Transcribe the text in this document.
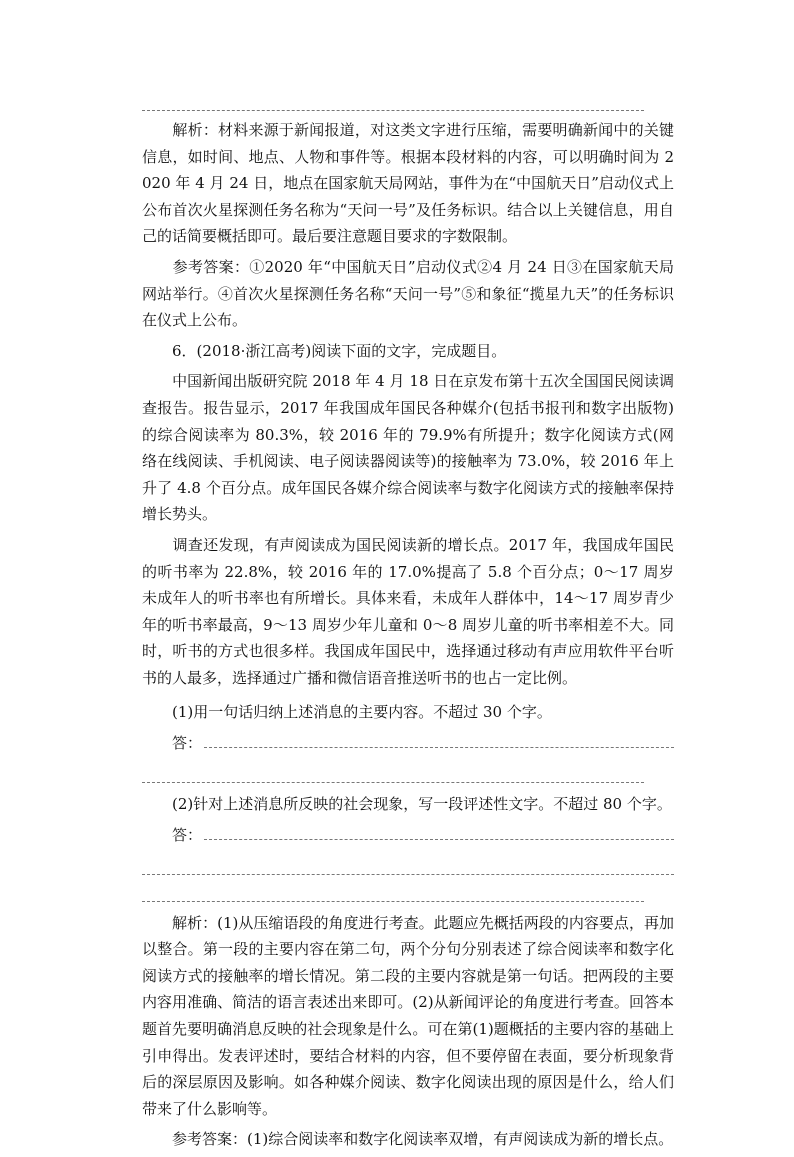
　　解析：材料来源于新闻报道，对这类文字进行压缩，需要明确新闻中的关键信息，如时间、地点、人物和事件等。根据本段材料的内容，可以明确时间为 2020 年 4 月 24 日，地点在国家航天局网站，事件为在“中国航天日”启动仪式上公布首次火星探测任务名称为“天问一号”及任务标识。结合以上关键信息，用自己的话简要概括即可。最后要注意题目要求的字数限制。

　　参考答案：①2020 年“中国航天日”启动仪式②4 月 24 日③在国家航天局网站举行。④首次火星探测任务名称“天问一号”⑤和象征“揽星九天”的任务标识在仪式上公布。

　　6．(2018·浙江高考)阅读下面的文字，完成题目。

　　中国新闻出版研究院 2018 年 4 月 18 日在京发布第十五次全国国民阅读调查报告。报告显示，2017 年我国成年国民各种媒介(包括书报刊和数字出版物)的综合阅读率为 80.3%，较 2016 年的 79.9%有所提升；数字化阅读方式(网络在线阅读、手机阅读、电子阅读器阅读等)的接触率为 73.0%，较 2016 年上升了 4.8 个百分点。成年国民各媒介综合阅读率与数字化阅读方式的接触率保持增长势头。

　　调查还发现，有声阅读成为国民阅读新的增长点。2017 年，我国成年国民的听书率为 22.8%，较 2016 年的 17.0%提高了 5.8 个百分点；0～17 周岁未成年人的听书率也有所增长。具体来看，未成年人群体中，14～17 周岁青少年的听书率最高，9～13 周岁少年儿童和 0～8 周岁儿童的听书率相差不大。同时，听书的方式也很多样。我国成年国民中，选择通过移动有声应用软件平台听书的人最多，选择通过广播和微信语音推送听书的也占一定比例。

　　(1)用一句话归纳上述消息的主要内容。不超过 30 个字。

　　答：

　　(2)针对上述消息所反映的社会现象，写一段评述性文字。不超过 80 个字。

　　答：

　　解析：(1)从压缩语段的角度进行考查。此题应先概括两段的内容要点，再加以整合。第一段的主要内容在第二句，两个分句分别表述了综合阅读率和数字化阅读方式的接触率的增长情况。第二段的主要内容就是第一句话。把两段的主要内容用准确、简洁的语言表述出来即可。(2)从新闻评论的角度进行考查。回答本题首先要明确消息反映的社会现象是什么。可在第(1)题概括的主要内容的基础上引申得出。发表评述时，要结合材料的内容，但不要停留在表面，要分析现象背后的深层原因及影响。如各种媒介阅读、数字化阅读出现的原因是什么，给人们带来了什么影响等。

　　参考答案：(1)综合阅读率和数字化阅读率双增，有声阅读成为新的增长点。
